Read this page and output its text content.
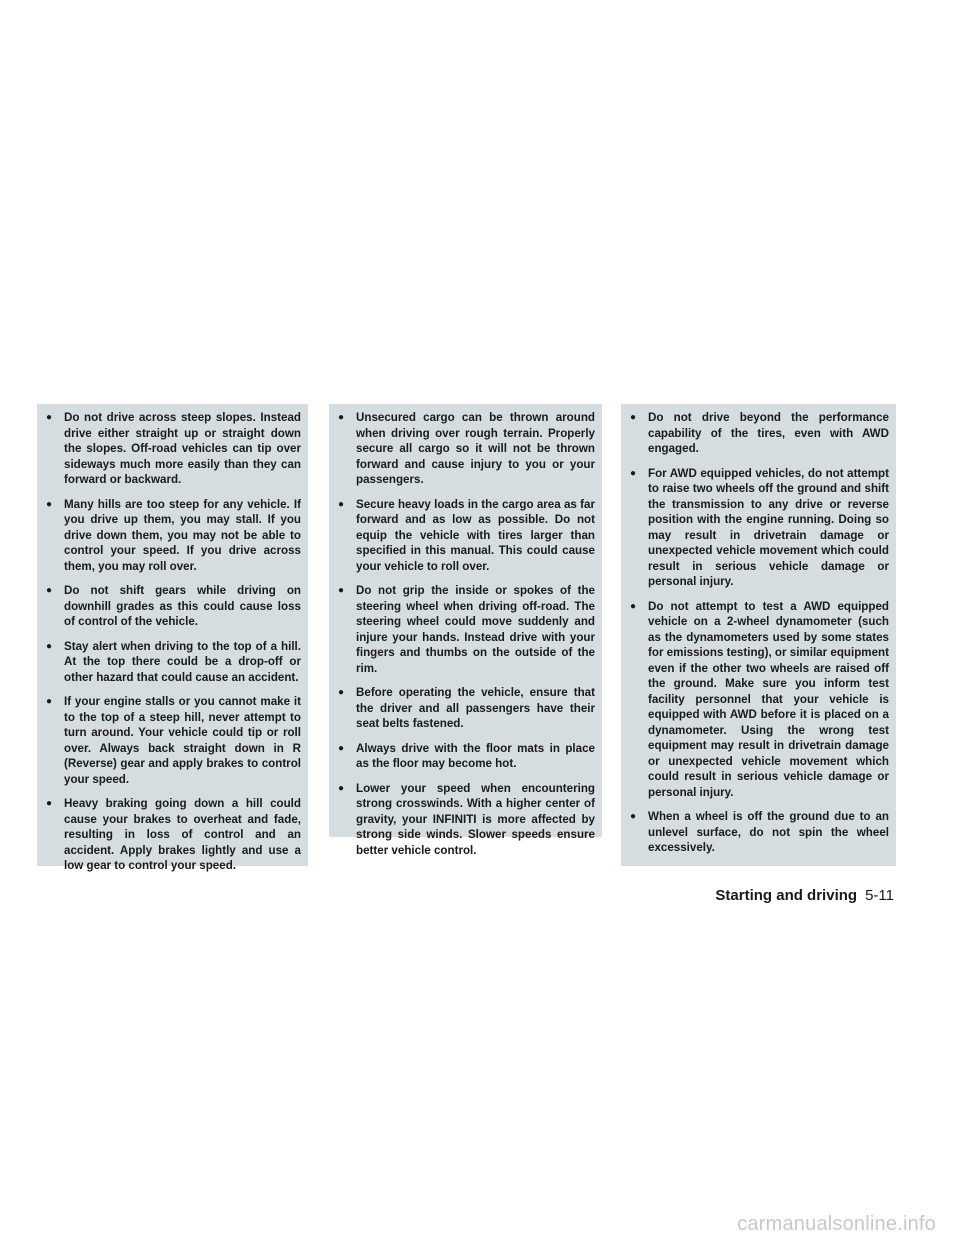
● Do not drive across steep slopes. Instead drive either straight up or straight down the slopes. Off-road vehicles can tip over sideways much more easily than they can forward or backward.
● Many hills are too steep for any vehicle. If you drive up them, you may stall. If you drive down them, you may not be able to control your speed. If you drive across them, you may roll over.
● Do not shift gears while driving on downhill grades as this could cause loss of control of the vehicle.
● Stay alert when driving to the top of a hill. At the top there could be a drop-off or other hazard that could cause an accident.
● If your engine stalls or you cannot make it to the top of a steep hill, never attempt to turn around. Your vehicle could tip or roll over. Always back straight down in R (Reverse) gear and apply brakes to control your speed.
● Heavy braking going down a hill could cause your brakes to overheat and fade, resulting in loss of control and an accident. Apply brakes lightly and use a low gear to control your speed.
● Unsecured cargo can be thrown around when driving over rough terrain. Properly secure all cargo so it will not be thrown forward and cause injury to you or your passengers.
● Secure heavy loads in the cargo area as far forward and as low as possible. Do not equip the vehicle with tires larger than specified in this manual. This could cause your vehicle to roll over.
● Do not grip the inside or spokes of the steering wheel when driving off-road. The steering wheel could move suddenly and injure your hands. Instead drive with your fingers and thumbs on the outside of the rim.
● Before operating the vehicle, ensure that the driver and all passengers have their seat belts fastened.
● Always drive with the floor mats in place as the floor may become hot.
● Lower your speed when encountering strong crosswinds. With a higher center of gravity, your INFINITI is more affected by strong side winds. Slower speeds ensure better vehicle control.
● Do not drive beyond the performance capability of the tires, even with AWD engaged.
● For AWD equipped vehicles, do not attempt to raise two wheels off the ground and shift the transmission to any drive or reverse position with the engine running. Doing so may result in drivetrain damage or unexpected vehicle movement which could result in serious vehicle damage or personal injury.
● Do not attempt to test a AWD equipped vehicle on a 2-wheel dynamometer (such as the dynamometers used by some states for emissions testing), or similar equipment even if the other two wheels are raised off the ground. Make sure you inform test facility personnel that your vehicle is equipped with AWD before it is placed on a dynamometer. Using the wrong test equipment may result in drivetrain damage or unexpected vehicle movement which could result in serious vehicle damage or personal injury.
● When a wheel is off the ground due to an unlevel surface, do not spin the wheel excessively.
Starting and driving 5-11
carmanualsonline.info
